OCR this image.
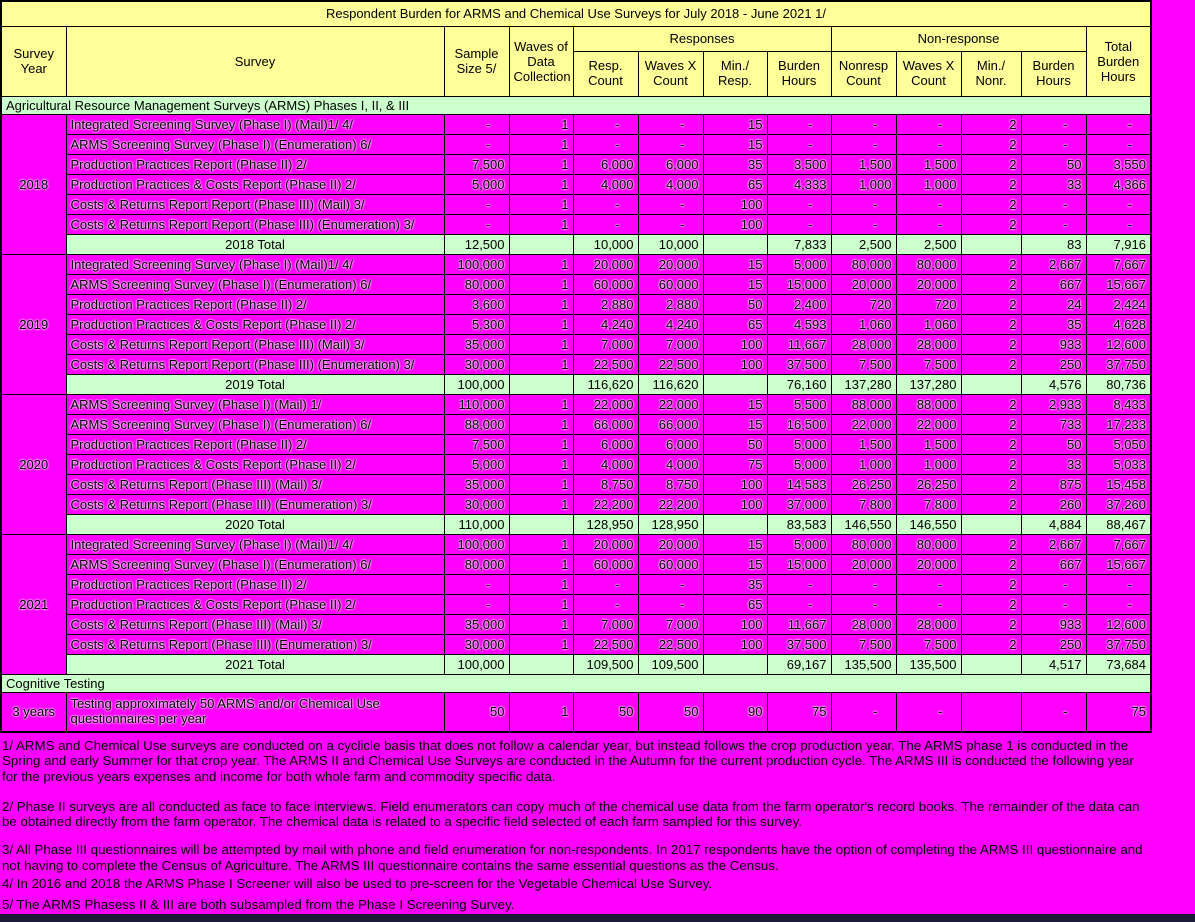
Respondent Burden for ARMS and Chemical Use Surveys for July 2018 - June 2021 1/												
Survey Year	Survey	Sample Size 5/	Waves of Data Collection	Responses				Non-response				Total Burden Hours
				Resp. Count	Waves X Count	Min./ Resp.	Burden Hours	Nonresp Count	Waves X Count	Min./ Nonr.	Burden Hours	
Agricultural Resource Management Surveys (ARMS) Phases I, II, & III												
2018	Integrated Screening Survey (Phase I) (Mail)1/ 4/	-	1	-	-	15	-	-	-	2	-	-
	ARMS Screening Survey (Phase I) (Enumeration) 6/	-	1	-	-	15	-	-	-	2	-	-
	Production Practices Report (Phase II) 2/	7,500	1	6,000	6,000	35	3,500	1,500	1,500	2	50	3,550
	Production Practices & Costs Report (Phase II) 2/	5,000	1	4,000	4,000	65	4,333	1,000	1,000	2	33	4,366
	Costs & Returns Report Report (Phase III) (Mail) 3/	-	1	-	-	100	-	-	-	2	-	-
	Costs & Returns Report Report (Phase III) (Enumeration) 3/	-	1	-	-	100	-	-	-	2	-	-
	2018 Total	12,500		10,000	10,000		7,833	2,500	2,500		83	7,916
2019	Integrated Screening Survey (Phase I) (Mail)1/ 4/	100,000	1	20,000	20,000	15	5,000	80,000	80,000	2	2,667	7,667
	ARMS Screening Survey (Phase I) (Enumeration) 6/	80,000	1	60,000	60,000	15	15,000	20,000	20,000	2	667	15,667
	Production Practices Report (Phase II) 2/	3,600	1	2,880	2,880	50	2,400	720	720	2	24	2,424
	Production Practices & Costs Report (Phase II) 2/	5,300	1	4,240	4,240	65	4,593	1,060	1,060	2	35	4,628
	Costs & Returns Report Report (Phase III) (Mail) 3/	35,000	1	7,000	7,000	100	11,667	28,000	28,000	2	933	12,600
	Costs & Returns Report Report (Phase III) (Enumeration) 3/	30,000	1	22,500	22,500	100	37,500	7,500	7,500	2	250	37,750
	2019 Total	100,000		116,620	116,620		76,160	137,280	137,280		4,576	80,736
2020	ARMS Screening Survey (Phase I) (Mail) 1/	110,000	1	22,000	22,000	15	5,500	88,000	88,000	2	2,933	8,433
	ARMS Screening Survey (Phase I) (Enumeration) 6/	88,000	1	66,000	66,000	15	16,500	22,000	22,000	2	733	17,233
	Production Practices Report (Phase II) 2/	7,500	1	6,000	6,000	50	5,000	1,500	1,500	2	50	5,050
	Production Practices & Costs Report (Phase II) 2/	5,000	1	4,000	4,000	75	5,000	1,000	1,000	2	33	5,033
	Costs & Returns Report (Phase III) (Mail) 3/	35,000	1	8,750	8,750	100	14,583	26,250	26,250	2	875	15,458
	Costs & Returns Report (Phase III) (Enumeration) 3/	30,000	1	22,200	22,200	100	37,000	7,800	7,800	2	260	37,260
	2020 Total	110,000		128,950	128,950		83,583	146,550	146,550		4,884	88,467
2021	Integrated Screening Survey (Phase I) (Mail)1/ 4/	100,000	1	20,000	20,000	15	5,000	80,000	80,000	2	2,667	7,667
	ARMS Screening Survey (Phase I) (Enumeration) 6/	80,000	1	60,000	60,000	15	15,000	20,000	20,000	2	667	15,667
	Production Practices Report (Phase II) 2/	-	1	-	-	35	-	-	-	2	-	-
	Production Practices & Costs Report (Phase II) 2/	-	1	-	-	65	-	-	-	2	-	-
	Costs & Returns Report (Phase III) (Mail) 3/	35,000	1	7,000	7,000	100	11,667	28,000	28,000	2	933	12,600
	Costs & Returns Report (Phase III) (Enumeration) 3/	30,000	1	22,500	22,500	100	37,500	7,500	7,500	2	250	37,750
	2021 Total	100,000		109,500	109,500		69,167	135,500	135,500		4,517	73,684
Cognitive Testing												
3 years	Testing approximately 50 ARMS and/or Chemical Use questionnaires per year	50	1	50	50	90	75	-	-		-	75

1/ ARMS and Chemical Use surveys are conducted on a cyclicle basis that does not follow a calendar year, but instead follows the crop production year. The ARMS phase 1 is conducted in the Spring and early Summer for that crop year. The ARMS II and Chemical Use Surveys are conducted in the Autumn for the current production cycle. The ARMS III is conducted the following year for the previous years expenses and income for both whole farm and commodity specific data.

2/ Phase II surveys are all conducted as face to face interviews. Field enumerators can copy much of the chemical use data from the farm operator's record books. The remainder of the data can be obtained directly from the farm operator. The chemical data is related to a specific field selected of each farm sampled for this survey.

3/ All Phase III questionnaires will be attempted by mail with phone and field enumeration for non-respondents. In 2017 respondents have the option of completing the ARMS III questionnaire and not having to complete the Census of Agriculture. The ARMS III questionnaire contains the same essential questions as the Census.

4/ In 2016 and 2018 the ARMS Phase I Screener will also be used to pre-screen for the Vegetable Chemical Use Survey.

5/ The ARMS Phasess II & III are both subsampled from the Phase I Screening Survey.
